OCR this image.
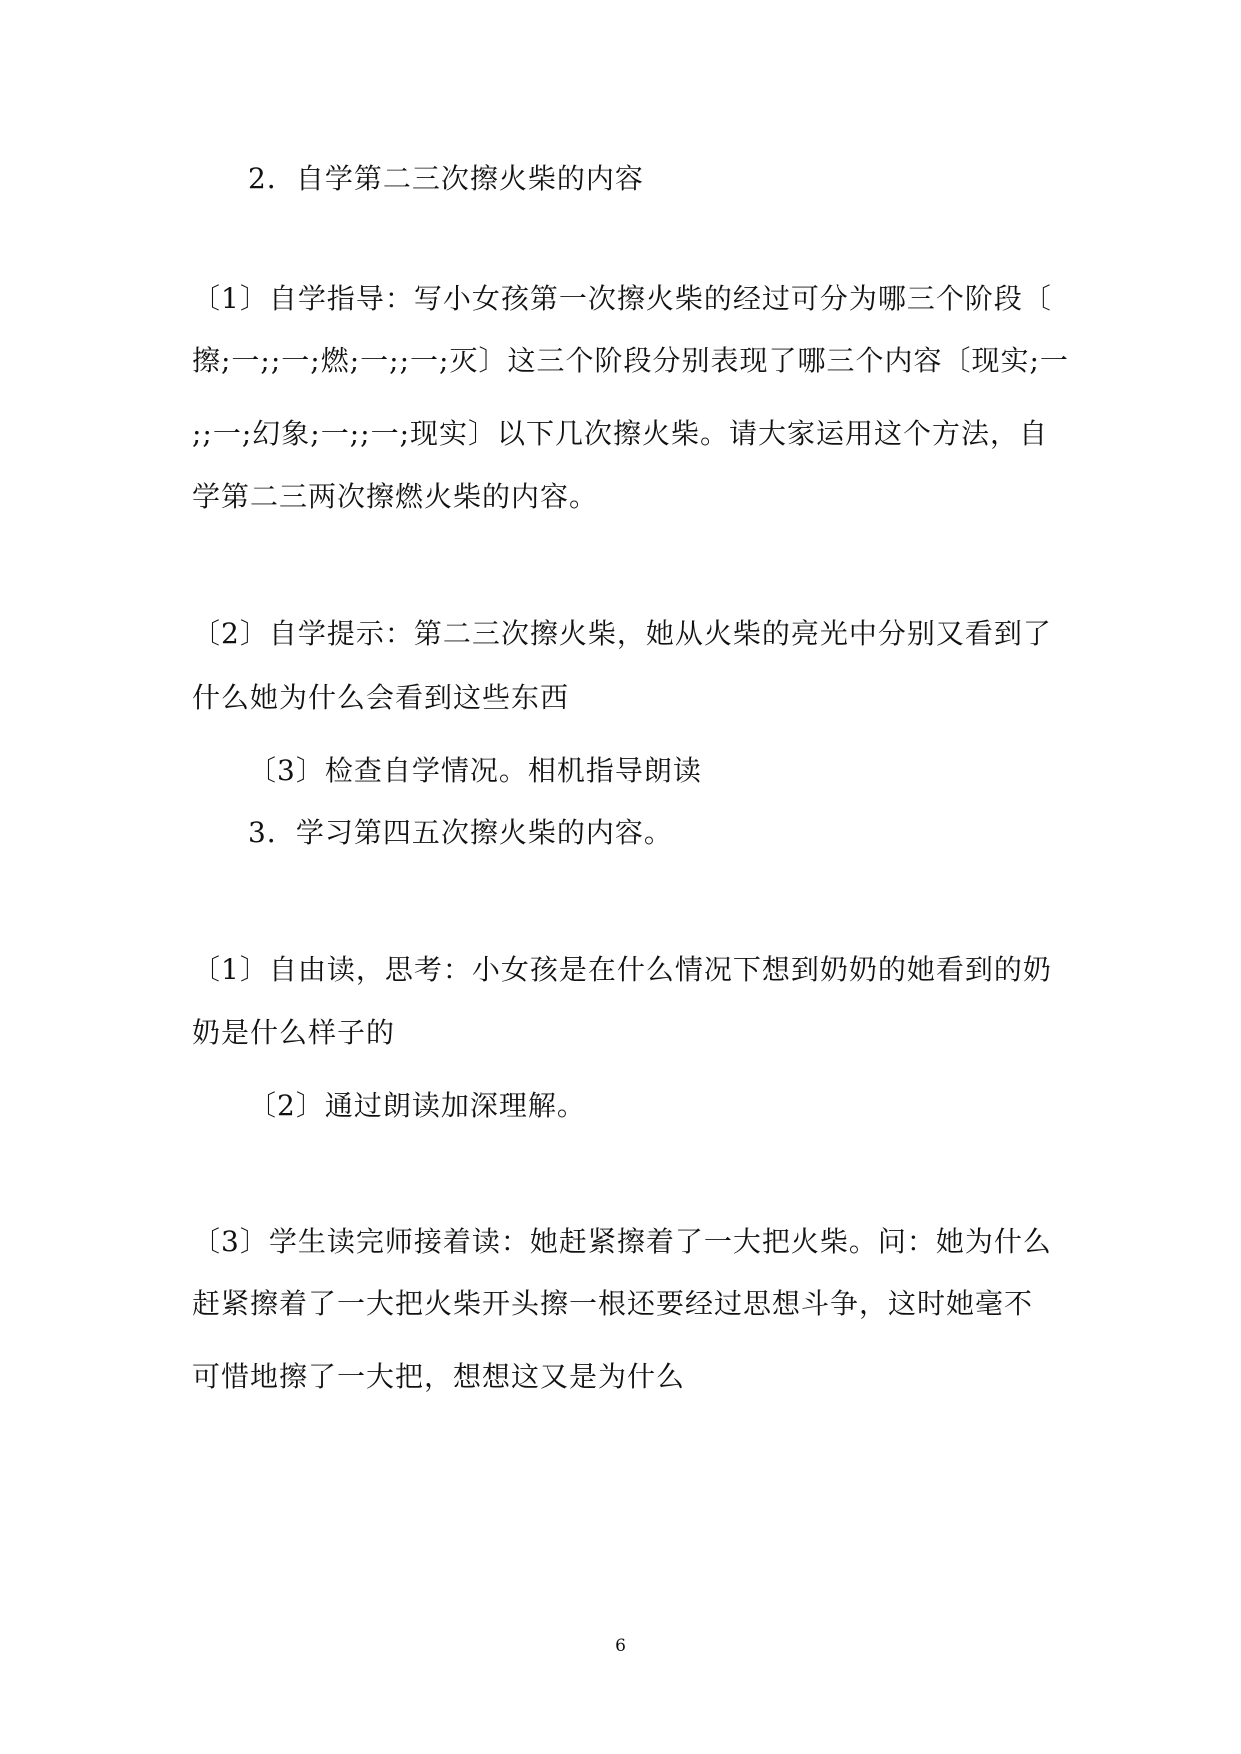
2．自学第二三次擦火柴的内容
〔1〕自学指导：写小女孩第一次擦火柴的经过可分为哪三个阶段〔
擦;一;;一;燃;一;;一;灭〕这三个阶段分别表现了哪三个内容〔现实;一
;;一;幻象;一;;一;现实〕以下几次擦火柴。请大家运用这个方法，自
学第二三两次擦燃火柴的内容。
〔2〕自学提示：第二三次擦火柴，她从火柴的亮光中分别又看到了
什么她为什么会看到这些东西
〔3〕检查自学情况。相机指导朗读
3．学习第四五次擦火柴的内容。
〔1〕自由读，思考：小女孩是在什么情况下想到奶奶的她看到的奶
奶是什么样子的
〔2〕通过朗读加深理解。
〔3〕学生读完师接着读：她赶紧擦着了一大把火柴。问：她为什么
赶紧擦着了一大把火柴开头擦一根还要经过思想斗争，这时她毫不
可惜地擦了一大把，想想这又是为什么
6
